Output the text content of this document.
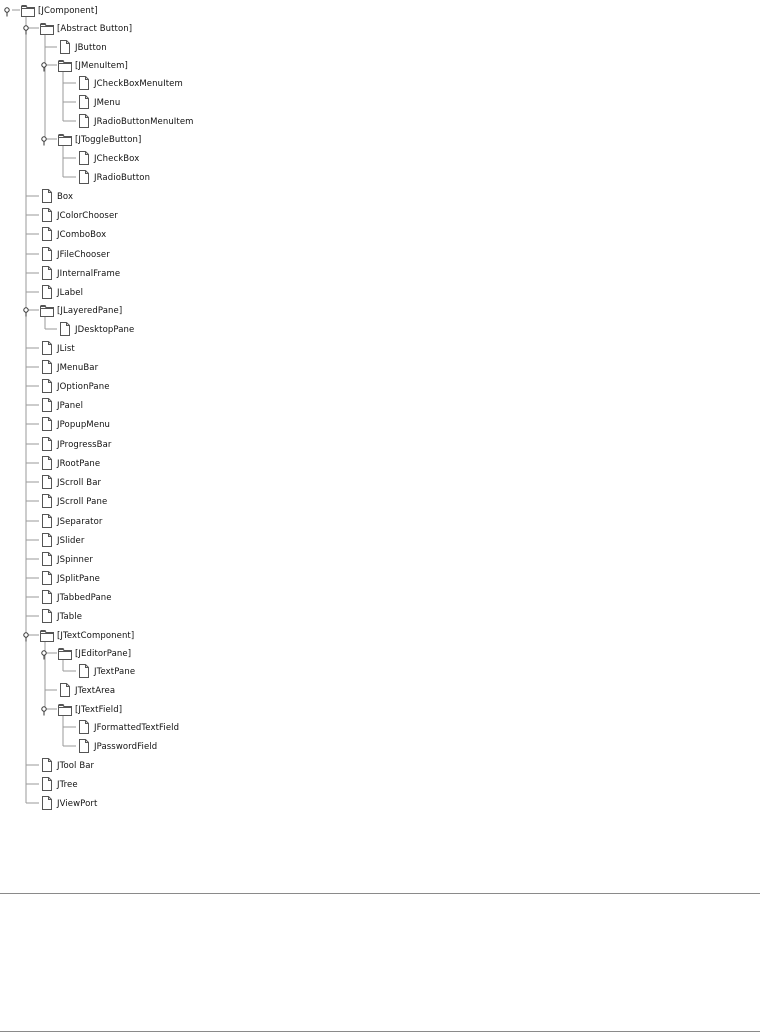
[JComponent]
[Abstract Button]
JButton
[JMenuItem]
JCheckBoxMenuItem
JMenu
JRadioButtonMenuItem
[JToggleButton]
JCheckBox
JRadioButton
Box
JColorChooser
JComboBox
JFileChooser
JInternalFrame
JLabel
[JLayeredPane]
JDesktopPane
JList
JMenuBar
JOptionPane
JPanel
JPopupMenu
JProgressBar
JRootPane
JScroll Bar
JScroll Pane
JSeparator
JSlider
JSpinner
JSplitPane
JTabbedPane
JTable
[JTextComponent]
[JEditorPane]
JTextPane
JTextArea
[JTextField]
JFormattedTextField
JPasswordField
JTool Bar
JTree
JViewPort
